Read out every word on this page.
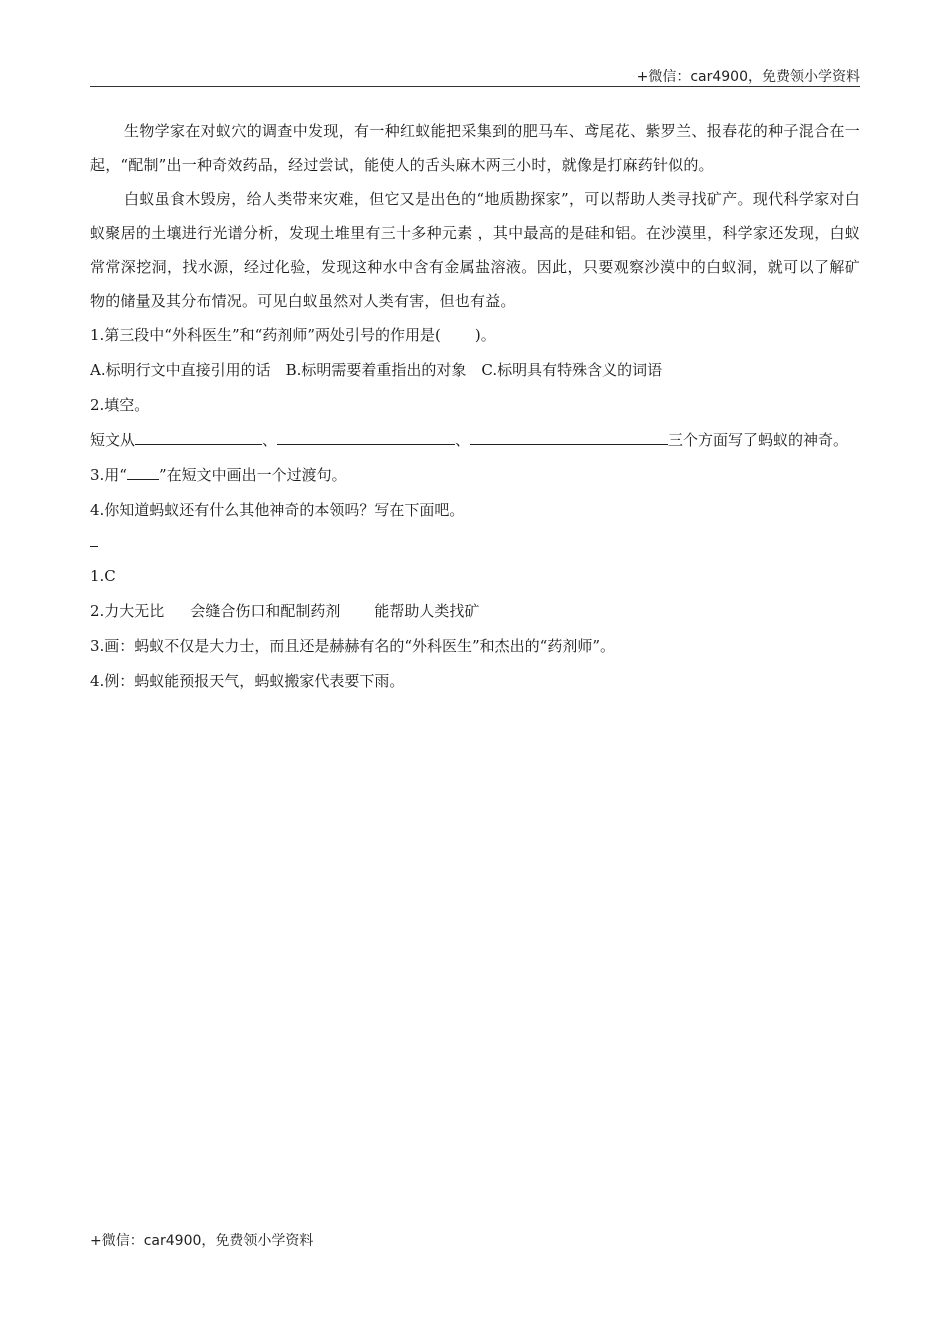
+微信：car4900，免费领小学资料

生物学家在对蚁穴的调查中发现，有一种红蚁能把采集到的肥马车、鸢尾花、紫罗兰、报春花的种子混合在一起，“配制”出一种奇效药品，经过尝试，能使人的舌头麻木两三小时，就像是打麻药针似的。

白蚁虽食木毁房，给人类带来灾难，但它又是出色的“地质勘探家”，可以帮助人类寻找矿产。现代科学家对白蚁聚居的土壤进行光谱分析，发现土堆里有三十多种元素 ，其中最高的是硅和铝。在沙漠里，科学家还发现，白蚁常常深挖洞，找水源，经过化验，发现这种水中含有金属盐溶液。因此，只要观察沙漠中的白蚁洞，就可以了解矿物的储量及其分布情况。可见白蚁虽然对人类有害，但也有益。

1.第三段中“外科医生”和“药剂师”两处引号的作用是( )。

A.标明行文中直接引用的话　B.标明需要着重指出的对象　C.标明具有特殊含义的词语

2.填空。

短文从	、	、	三个方面写了蚂蚁的神奇。

3.用“ ”在短文中画出一个过渡句。

4.你知道蚂蚁还有什么其他神奇的本领吗？写在下面吧。

1.C

2.力大无比 会缝合伤口和配制药剂 能帮助人类找矿

3.画：蚂蚁不仅是大力士，而且还是赫赫有名的“外科医生”和杰出的“药剂师”。

4.例：蚂蚁能预报天气，蚂蚁搬家代表要下雨。

+微信：car4900，免费领小学资料
